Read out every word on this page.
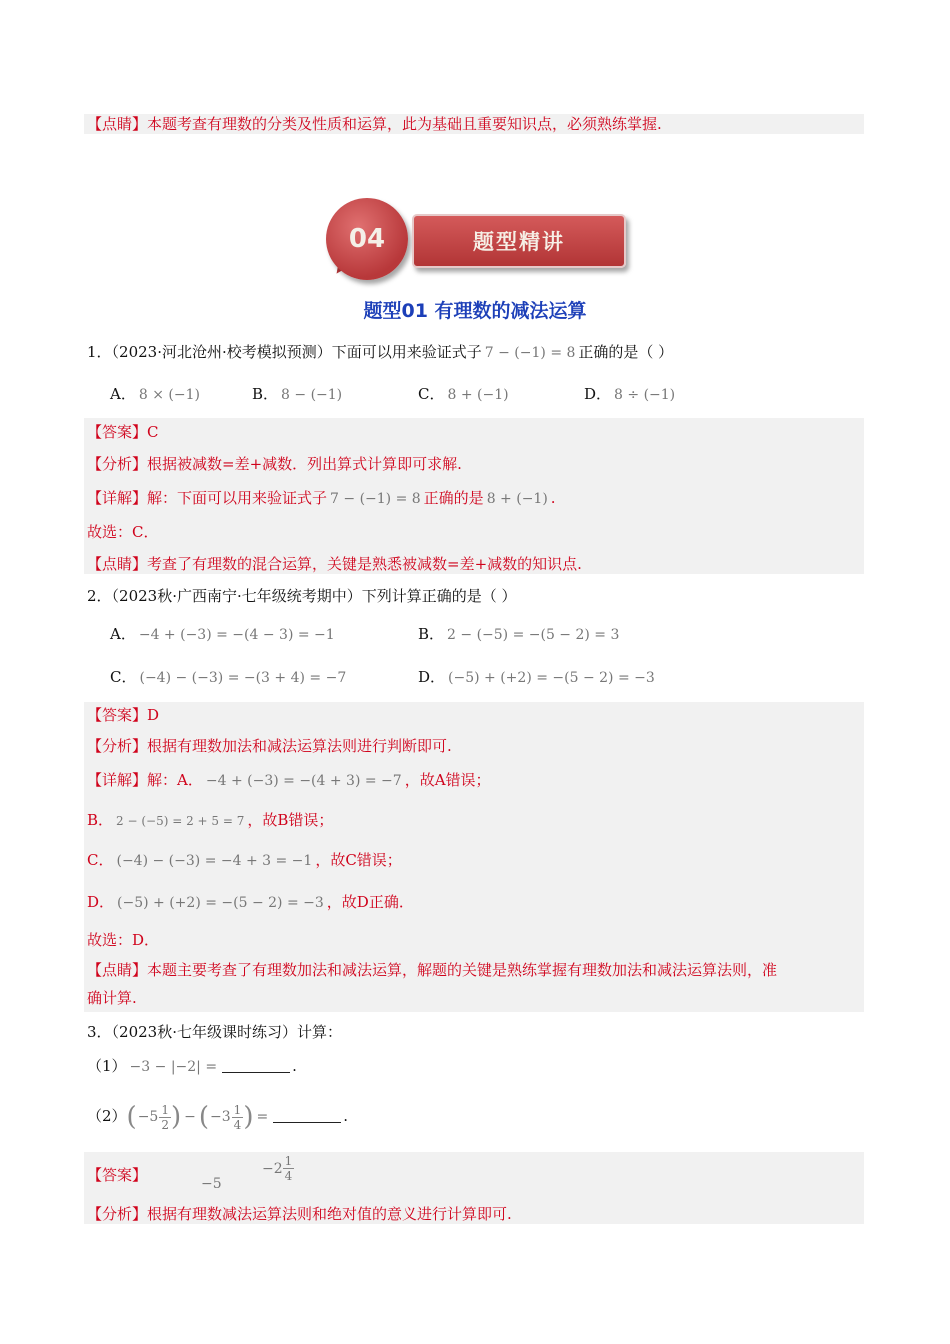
【点睛】本题考查有理数的分类及性质和运算，此为基础且重要知识点，必须熟练掌握.
04	题型精讲
题型01 有理数的减法运算
1．（2023·河北沧州·校考模拟预测）下面可以用来验证式子 7 − (−1) = 8 正确的是（ ）
A． 8 × (−1)	B． 8 − (−1)	C． 8 + (−1)	D． 8 ÷ (−1)
【答案】C
【分析】根据被减数=差+减数．列出算式计算即可求解.
【详解】解：下面可以用来验证式子 7 − (−1) = 8 正确的是 8 + (−1) .
故选：C．
【点睛】考查了有理数的混合运算，关键是熟悉被减数=差+减数的知识点.
2．（2023秋·广西南宁·七年级统考期中）下列计算正确的是（ ）
A． −4 + (−3) = −(4 − 3) = −1	B． 2 − (−5) = −(5 − 2) = 3
C． (−4) − (−3) = −(3 + 4) = −7	D． (−5) + (+2) = −(5 − 2) = −3
【答案】D
【分析】根据有理数加法和减法运算法则进行判断即可.
【详解】解：A． −4 + (−3) = −(4 + 3) = −7 ，故A错误；
B． 2 − (−5) = 2 + 5 = 7 ，故B错误；
C． (−4) − (−3) = −4 + 3 = −1 ，故C错误；
D． (−5) + (+2) = −(5 − 2) = −3 ，故D正确．
故选：D．
【点睛】本题主要考查了有理数加法和减法运算，解题的关键是熟练掌握有理数加法和减法运算法则，准
确计算.
3．（2023秋·七年级课时练习）计算：
（1） −3 − |−2| =	.
$(2)(-5 \frac{1}{2}$ ) − ($-3 \frac{1}{4}$ ) =	.
【答案】	−5
$-2 \frac{1}{4}$
【分析】根据有理数减法运算法则和绝对值的意义进行计算即可.
